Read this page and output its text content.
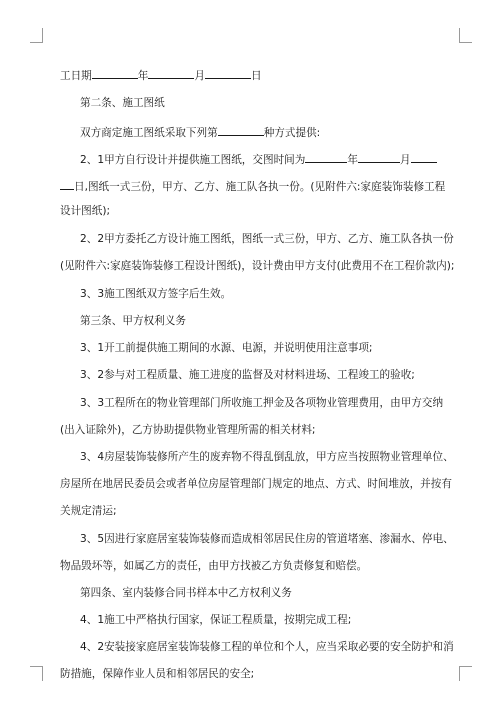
工日期	年	月	日
第二条、施工图纸
双方商定施工图纸采取下列第	种方式提供:
2、1甲方自行设计并提供施工图纸，交图时间为	年	月
日,图纸一式三份，甲方、乙方、施工队各执一份。(见附件六:家庭装饰装修工程
设计图纸);
2、2甲方委托乙方设计施工图纸，图纸一式三份，甲方、乙方、施工队各执一份
(见附件六:家庭装饰装修工程设计图纸)，设计费由甲方支付(此费用不在工程价款内);
3、3施工图纸双方签字后生效。
第三条、甲方权利义务
3、1开工前提供施工期间的水源、电源，并说明使用注意事项;
3、2参与对工程质量、施工进度的监督及对材料进场、工程竣工的验收;
3、3工程所在的物业管理部门所收施工押金及各项物业管理费用，由甲方交纳
(出入证除外)，乙方协助提供物业管理所需的相关材料;
3、4房屋装饰装修所产生的废弃物不得乱倒乱放，甲方应当按照物业管理单位、
房屋所在地居民委员会或者单位房屋管理部门规定的地点、方式、时间堆放，并按有
关规定清运;
3、5因进行家庭居室装饰装修而造成相邻居民住房的管道堵塞、渗漏水、停电、
物品毁坏等，如属乙方的责任，由甲方找被乙方负责修复和赔偿。
第四条、室内装修合同书样本中乙方权利义务
4、1施工中严格执行国家，保证工程质量，按期完成工程;
4、2安装接家庭居室装饰装修工程的单位和个人，应当采取必要的安全防护和消
防措施，保障作业人员和相邻居民的安全;
